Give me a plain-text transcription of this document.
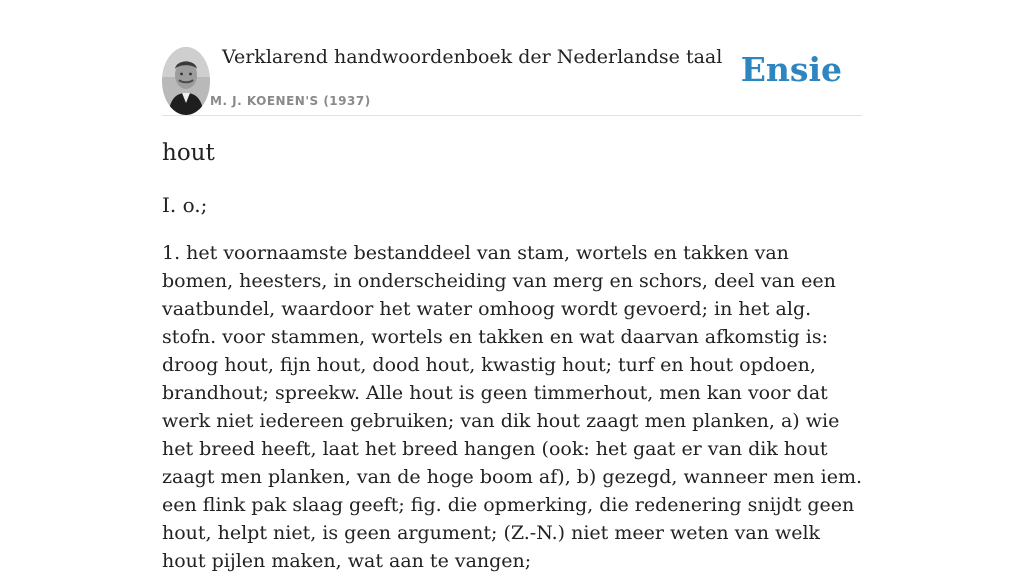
Verklarend handwoordenboek der Nederlandse taal
M. J. KOENEN'S (1937)
Ensie
hout
I. o.;

1. het voornaamste bestanddeel van stam, wortels en takken van bomen, heesters, in onderscheiding van merg en schors, deel van een vaatbundel, waardoor het water omhoog wordt gevoerd; in het alg. stofn. voor stammen, wortels en takken en wat daarvan afkomstig is: droog hout, fijn hout, dood hout, kwastig hout; turf en hout opdoen, brandhout; spreekw. Alle hout is geen timmerhout, men kan voor dat werk niet iedereen gebruiken; van dik hout zaagt men planken, a) wie het breed heeft, laat het breed hangen (ook: het gaat er van dik hout zaagt men planken, van de hoge boom af), b) gezegd, wanneer men iem. een flink pak slaag geeft; fig. die opmerking, die redenering snijdt geen hout, helpt niet, is geen argument; (Z.-N.) niet meer weten van welk hout pijlen maken, wat aan te vangen;
